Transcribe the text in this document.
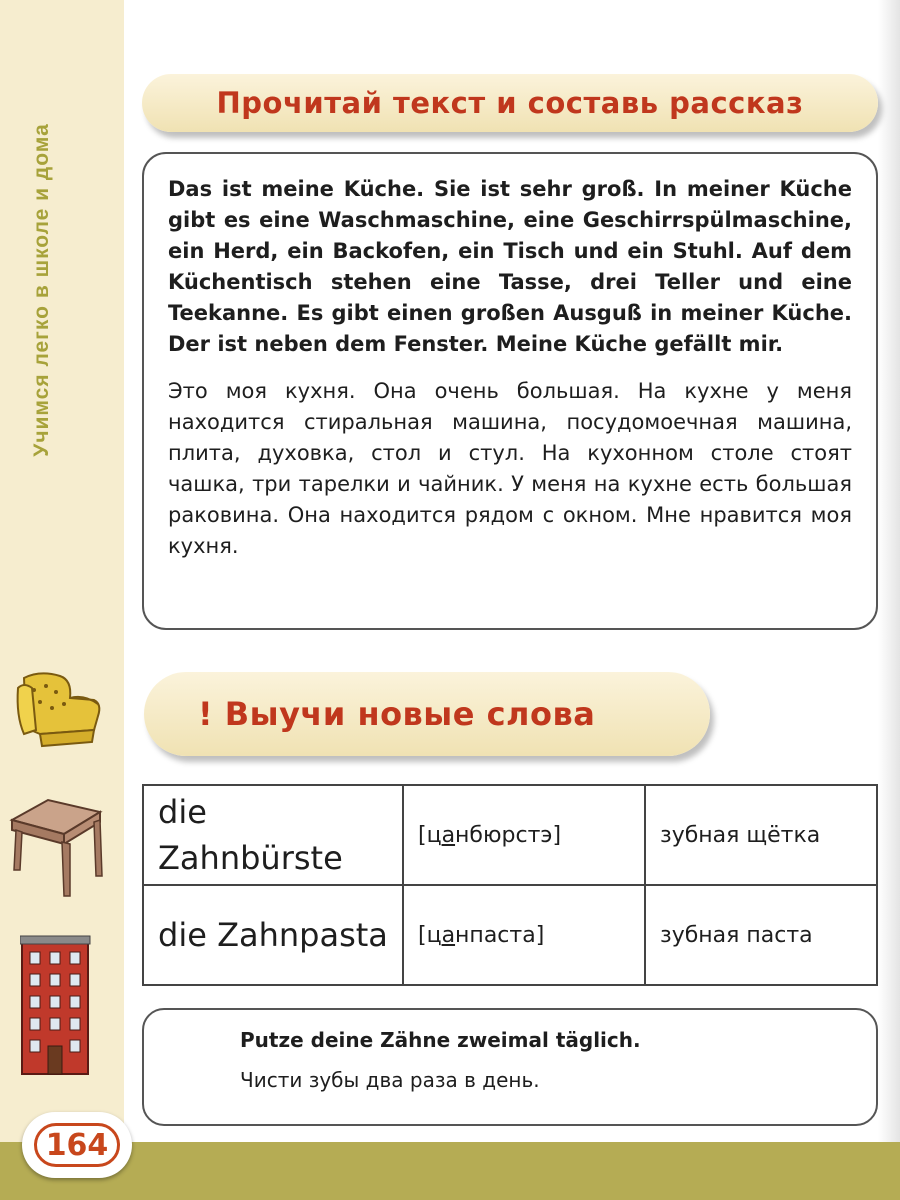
Учимся легко в школе и дома
164
Прочитай текст и составь рассказ

Das ist meine Küche. Sie ist sehr groß. In meiner Küche gibt es eine Waschmaschine, eine Geschirrspülmaschine, ein Herd, ein Backofen, ein Tisch und ein Stuhl. Auf dem Küchentisch stehen eine Tasse, drei Teller und eine Teekanne. Es gibt einen großen Ausguß in meiner Küche. Der ist neben dem Fenster. Meine Küche gefällt mir.

Это моя кухня. Она очень большая. На кухне у меня находится стиральная машина, посудомоечная машина, плита, духовка, стол и стул. На кухонном столе стоят чашка, три тарелки и чайник. У меня на кухне есть большая раковина. Она находится рядом с окном. Мне нравится моя кухня.

! Выучи новые слова
die Zahnbürste	[цанбюрстэ]	зубная щётка
die Zahnpasta	[цанпаста]	зубная паста
Putze deine Zähne zweimal täglich.
Чисти зубы два раза в день.
